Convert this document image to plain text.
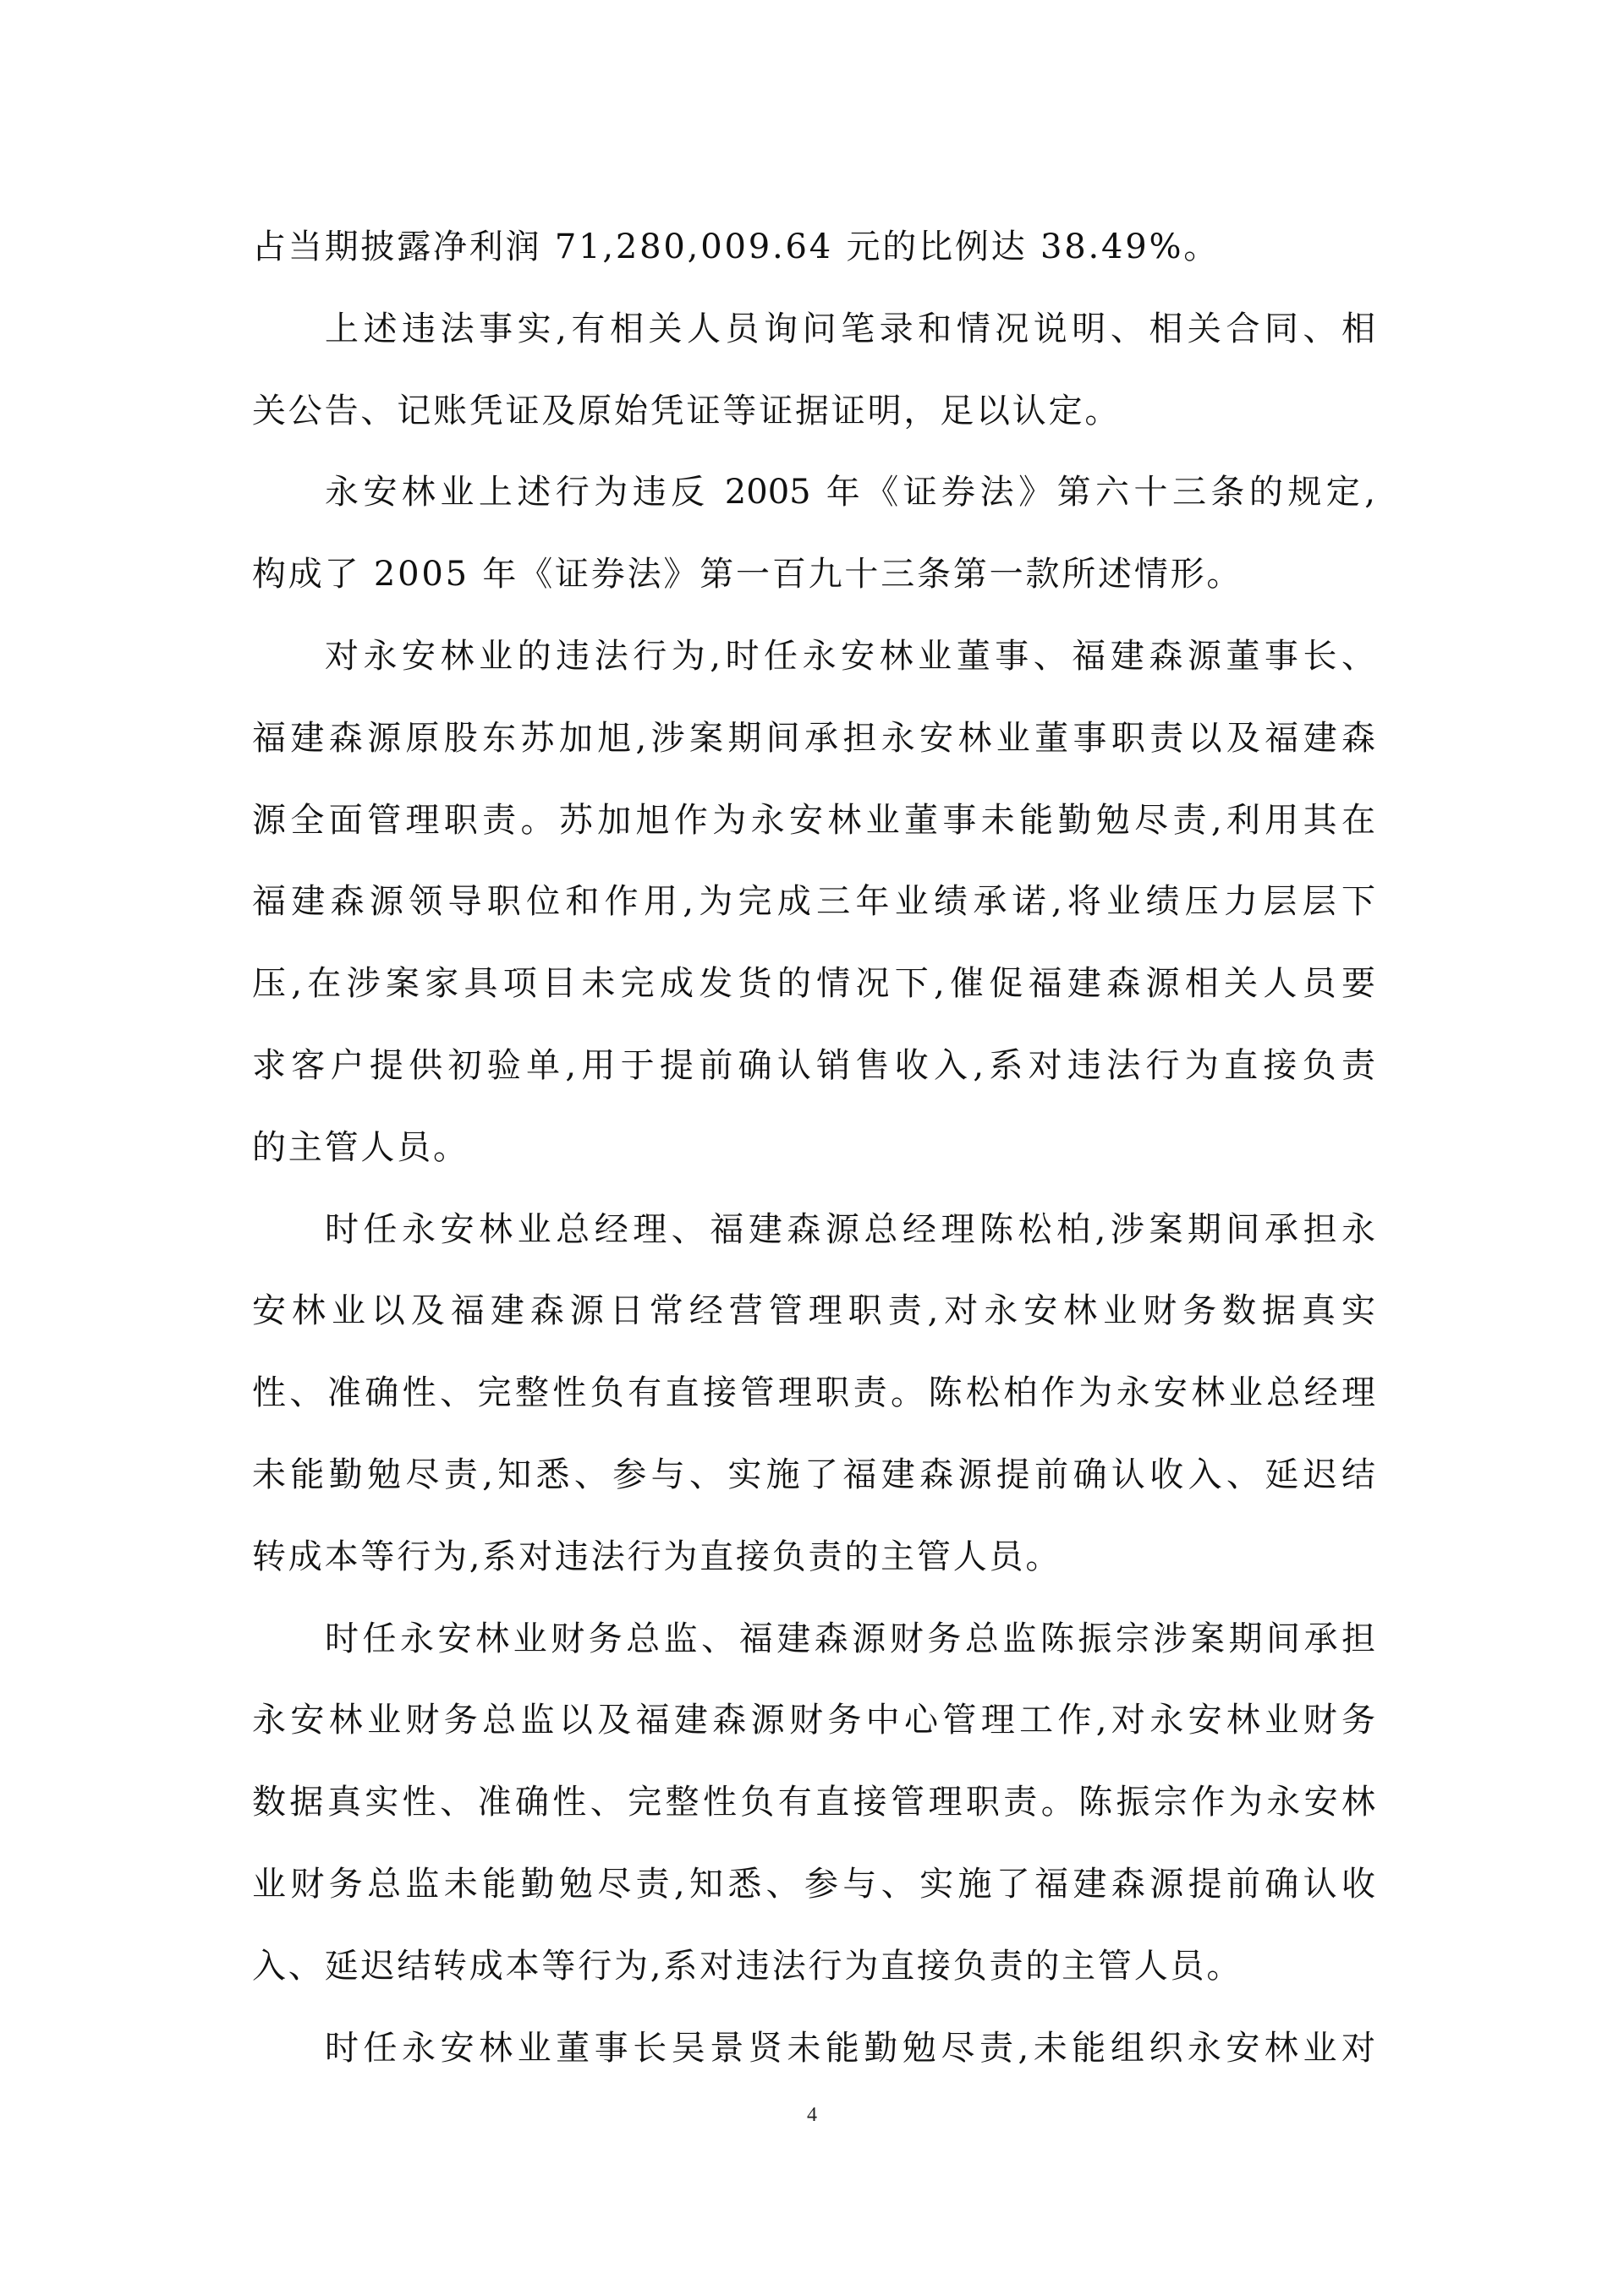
占当期披露净利润 71,280,009.64 元的比例达 38.49%。
上述违法事实,有相关人员询问笔录和情况说明、相关合同、相
关公告、记账凭证及原始凭证等证据证明，足以认定。
永安林业上述行为违反 2005 年《证券法》第六十三条的规定,
构成了 2005 年《证券法》第一百九十三条第一款所述情形。
对永安林业的违法行为,时任永安林业董事、福建森源董事长、
福建森源原股东苏加旭,涉案期间承担永安林业董事职责以及福建森
源全面管理职责。苏加旭作为永安林业董事未能勤勉尽责,利用其在
福建森源领导职位和作用,为完成三年业绩承诺,将业绩压力层层下
压,在涉案家具项目未完成发货的情况下,催促福建森源相关人员要
求客户提供初验单,用于提前确认销售收入,系对违法行为直接负责
的主管人员。
时任永安林业总经理、福建森源总经理陈松柏,涉案期间承担永
安林业以及福建森源日常经营管理职责,对永安林业财务数据真实
性、准确性、完整性负有直接管理职责。陈松柏作为永安林业总经理
未能勤勉尽责,知悉、参与、实施了福建森源提前确认收入、延迟结
转成本等行为,系对违法行为直接负责的主管人员。
时任永安林业财务总监、福建森源财务总监陈振宗涉案期间承担
永安林业财务总监以及福建森源财务中心管理工作,对永安林业财务
数据真实性、准确性、完整性负有直接管理职责。陈振宗作为永安林
业财务总监未能勤勉尽责,知悉、参与、实施了福建森源提前确认收
入、延迟结转成本等行为,系对违法行为直接负责的主管人员。
时任永安林业董事长吴景贤未能勤勉尽责,未能组织永安林业对
4
